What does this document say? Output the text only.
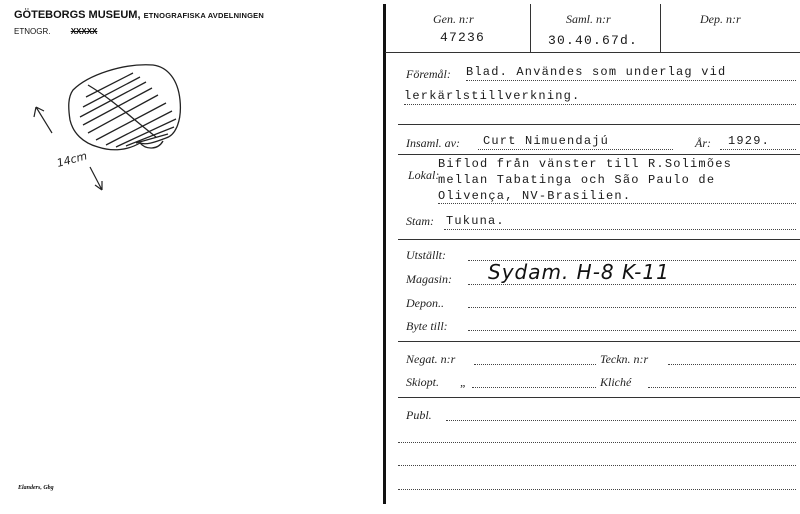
GÖTEBORGS MUSEUM, ETNOGRAFISKA AVDELNINGEN
ETNOGR.	XXXXX
14cm
Elanders, Gbg
Gen. n:r
47236
Saml. n:r
30.40.67d.
Dep. n:r
Föremål: Blad. Användes som underlag vid
lerkärlstillverkning.
Insaml. av: Curt Nimuendajú	År: 1929.
Lokal:
Biflod från vänster till R.Solimões
mellan Tabatinga och São Paulo de
Olivença, NV-Brasilien.
Stam: Tukuna.
Utställt:
Magasin: Sydam. H-8 K-11
Depon..
Byte till:
Negat. n:r	Teckn. n:r
Skiopt. „	Kliché
Publ.
